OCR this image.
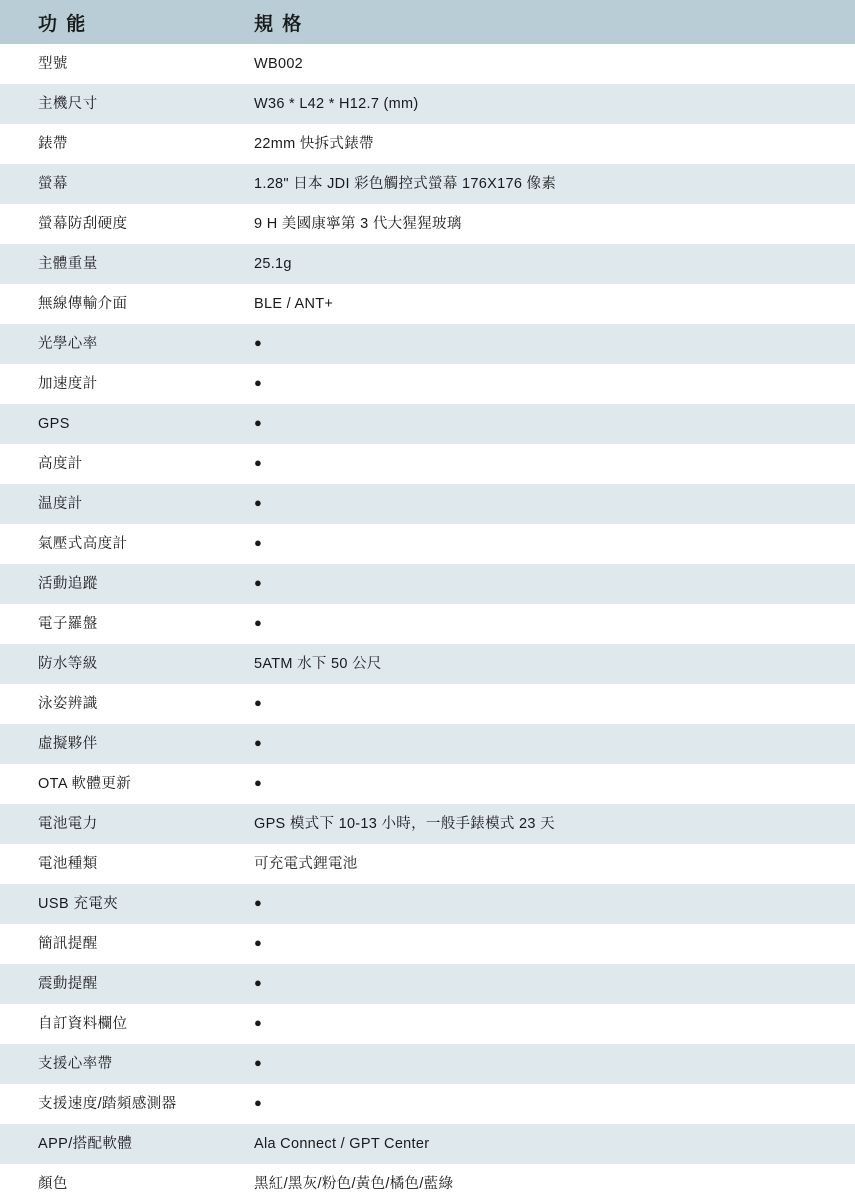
功 能	規 格
型號	WB002
主機尺寸	W36 * L42 * H12.7 (mm)
錶帶	22mm 快拆式錶帶
螢幕	1.28" 日本 JDI 彩色觸控式螢幕 176X176 像素
螢幕防刮硬度	9 H 美國康寧第 3 代大猩猩玻璃
主體重量	25.1g
無線傳輸介面	BLE / ANT+
光學心率	●
加速度計	●
GPS	●
高度計	●
温度計	●
氣壓式高度計	●
活動追蹤	●
電子羅盤	●
防水等級	5ATM 水下 50 公尺
泳姿辨識	●
虛擬夥伴	●
OTA 軟體更新	●
電池電力	GPS 模式下 10-13 小時，一般手錶模式 23 天
電池種類	可充電式鋰電池
USB 充電夾	●
簡訊提醒	●
震動提醒	●
自訂資料欄位	●
支援心率帶	●
支援速度/踏頻感測器	●
APP/搭配軟體	Ala Connect / GPT Center
顏色	黑紅/黑灰/粉色/黃色/橘色/藍綠
